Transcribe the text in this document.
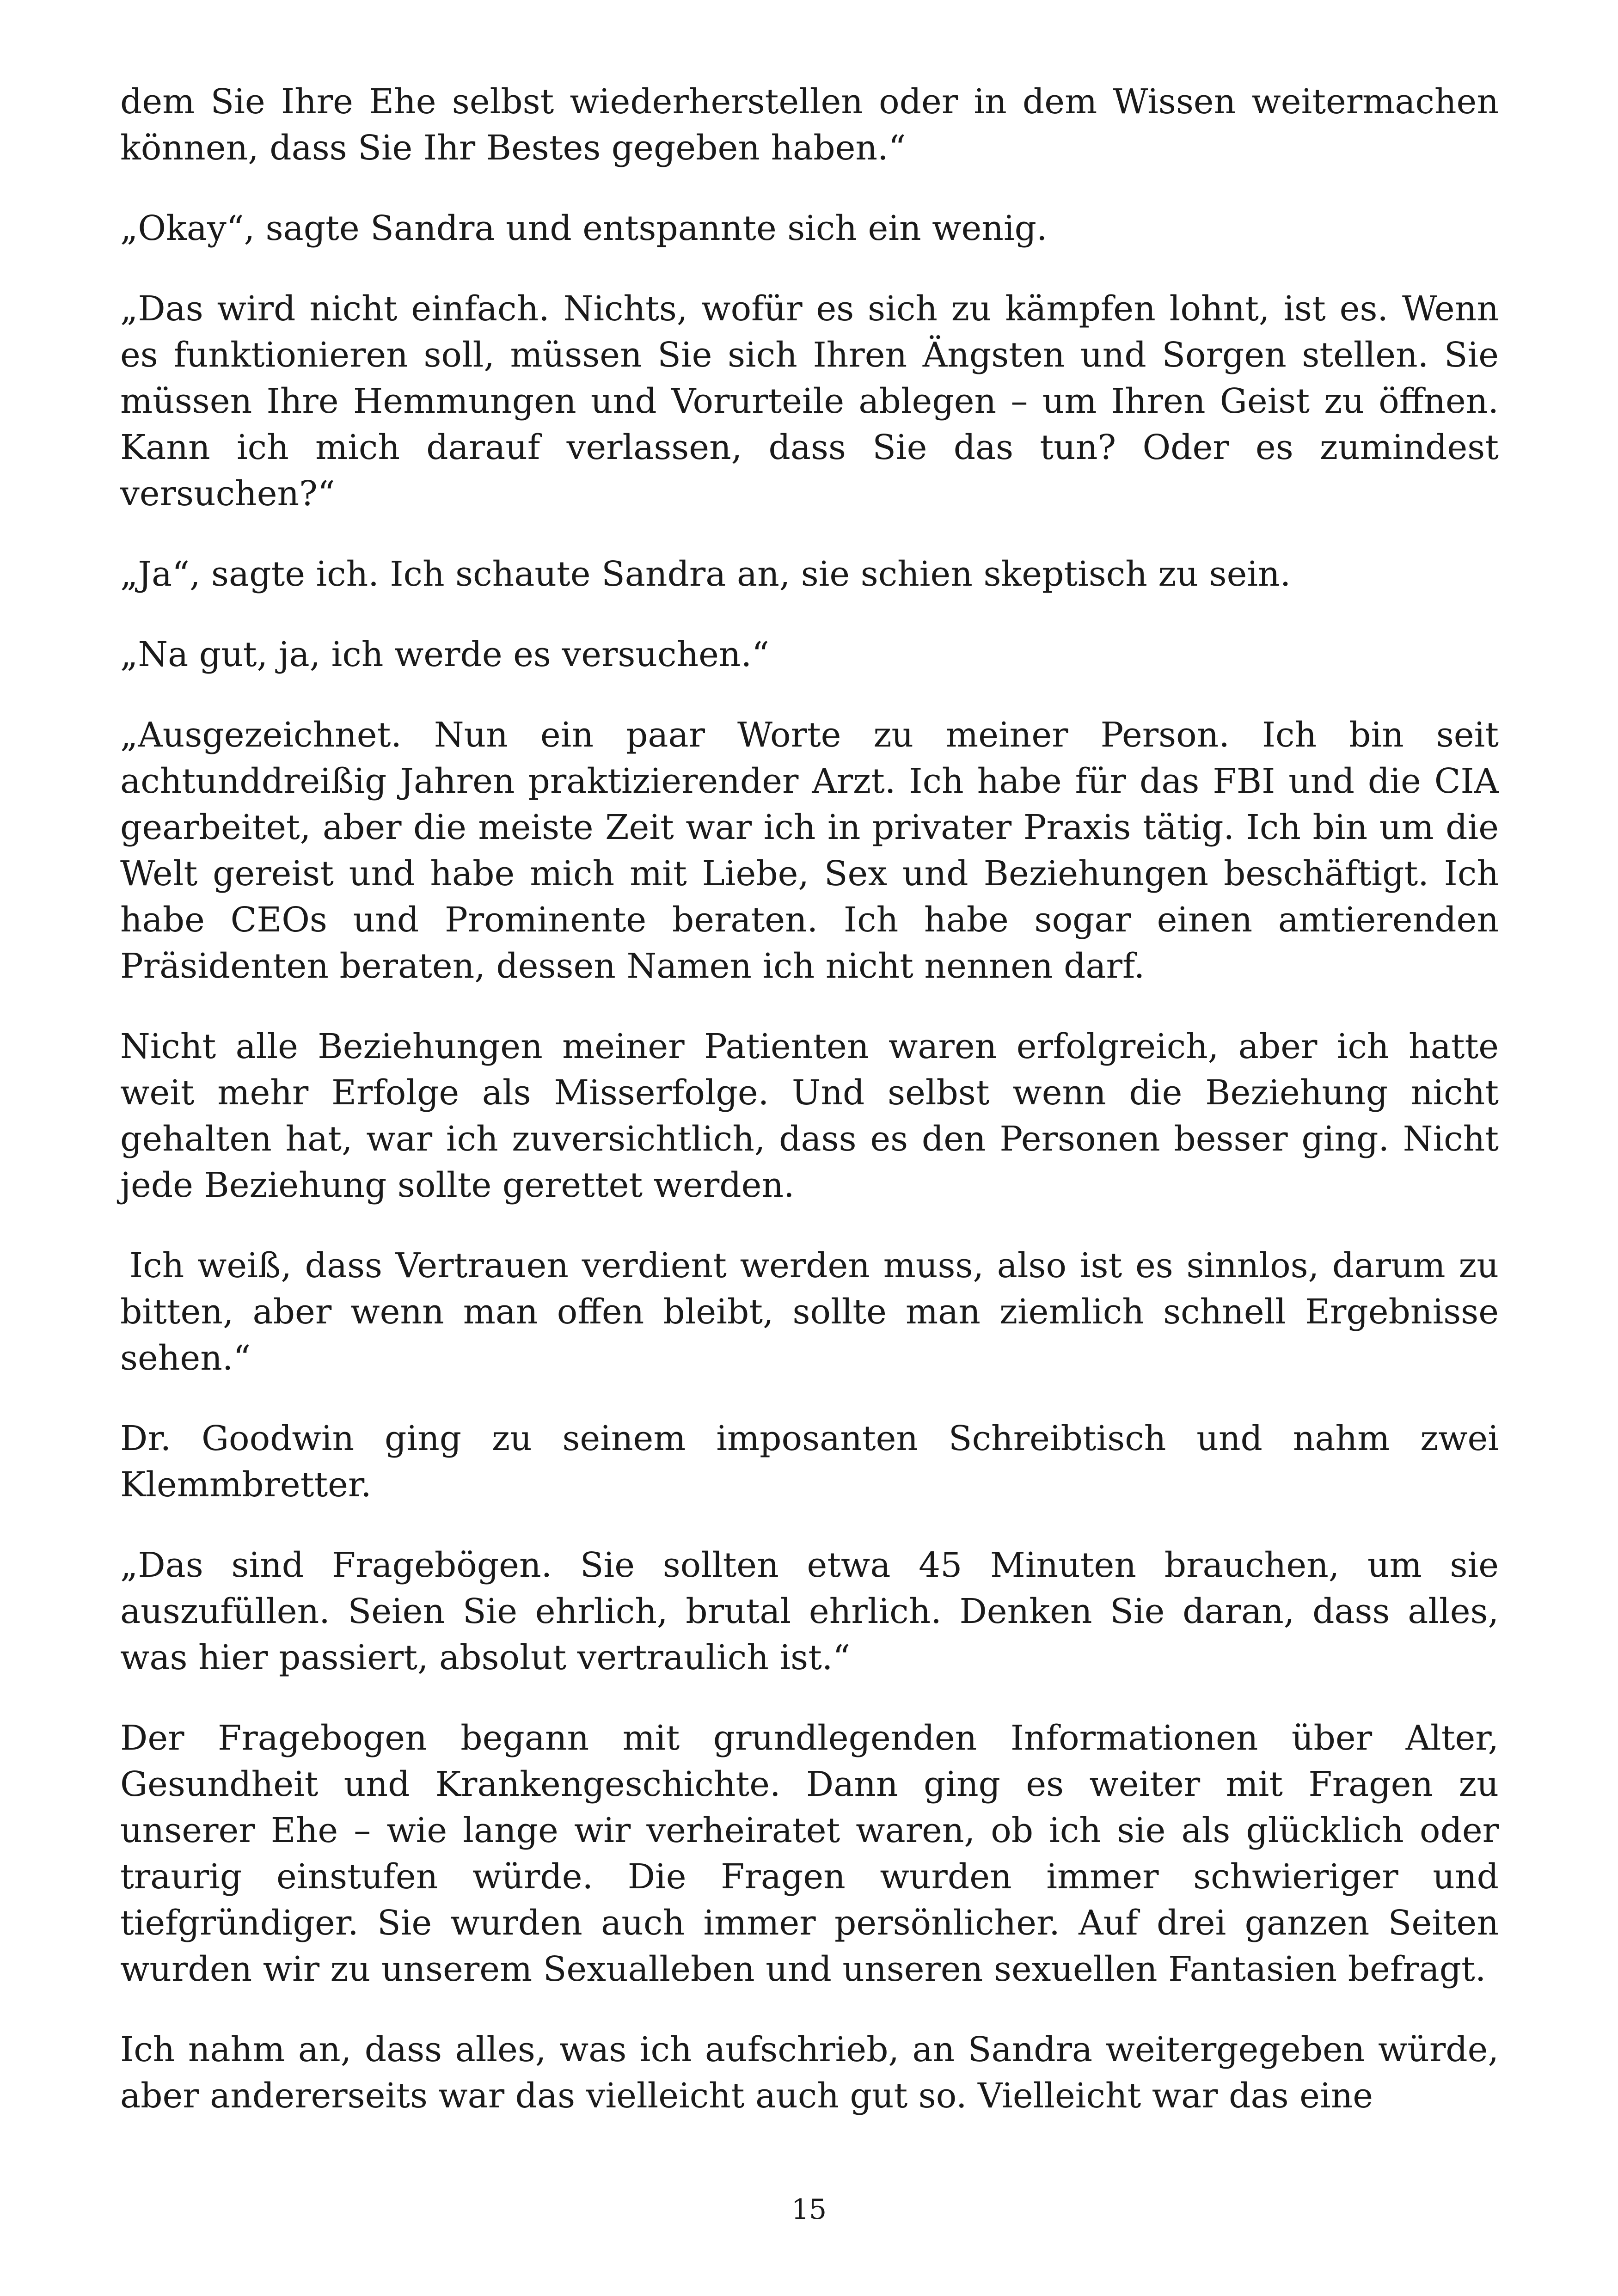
dem Sie Ihre Ehe selbst wiederherstellen oder in dem Wissen weitermachen können, dass Sie Ihr Bestes gegeben haben.“

„Okay“, sagte Sandra und entspannte sich ein wenig.

„Das wird nicht einfach. Nichts, wofür es sich zu kämpfen lohnt, ist es. Wenn es funktionieren soll, müssen Sie sich Ihren Ängsten und Sorgen stellen. Sie müssen Ihre Hemmungen und Vorurteile ablegen – um Ihren Geist zu öffnen. Kann ich mich darauf verlassen, dass Sie das tun? Oder es zumindest versuchen?“

„Ja“, sagte ich. Ich schaute Sandra an, sie schien skeptisch zu sein.

„Na gut, ja, ich werde es versuchen.“

„Ausgezeichnet. Nun ein paar Worte zu meiner Person. Ich bin seit achtunddreißig Jahren praktizierender Arzt. Ich habe für das FBI und die CIA gearbeitet, aber die meiste Zeit war ich in privater Praxis tätig. Ich bin um die Welt gereist und habe mich mit Liebe, Sex und Beziehungen beschäftigt. Ich habe CEOs und Prominente beraten. Ich habe sogar einen amtierenden Präsidenten beraten, dessen Namen ich nicht nennen darf.

Nicht alle Beziehungen meiner Patienten waren erfolgreich, aber ich hatte weit mehr Erfolge als Misserfolge. Und selbst wenn die Beziehung nicht gehalten hat, war ich zuversichtlich, dass es den Personen besser ging. Nicht jede Beziehung sollte gerettet werden.

Ich weiß, dass Vertrauen verdient werden muss, also ist es sinnlos, darum zu bitten, aber wenn man offen bleibt, sollte man ziemlich schnell Ergebnisse sehen.“

Dr. Goodwin ging zu seinem imposanten Schreibtisch und nahm zwei Klemmbretter.

„Das sind Fragebögen. Sie sollten etwa 45 Minuten brauchen, um sie auszufüllen. Seien Sie ehrlich, brutal ehrlich. Denken Sie daran, dass alles, was hier passiert, absolut vertraulich ist.“

Der Fragebogen begann mit grundlegenden Informationen über Alter, Gesundheit und Krankengeschichte. Dann ging es weiter mit Fragen zu unserer Ehe – wie lange wir verheiratet waren, ob ich sie als glücklich oder traurig einstufen würde. Die Fragen wurden immer schwieriger und tiefgründiger. Sie wurden auch immer persönlicher. Auf drei ganzen Seiten wurden wir zu unserem Sexualleben und unseren sexuellen Fantasien befragt.

Ich nahm an, dass alles, was ich aufschrieb, an Sandra weitergegeben würde, aber andererseits war das vielleicht auch gut so. Vielleicht war das eine

15
